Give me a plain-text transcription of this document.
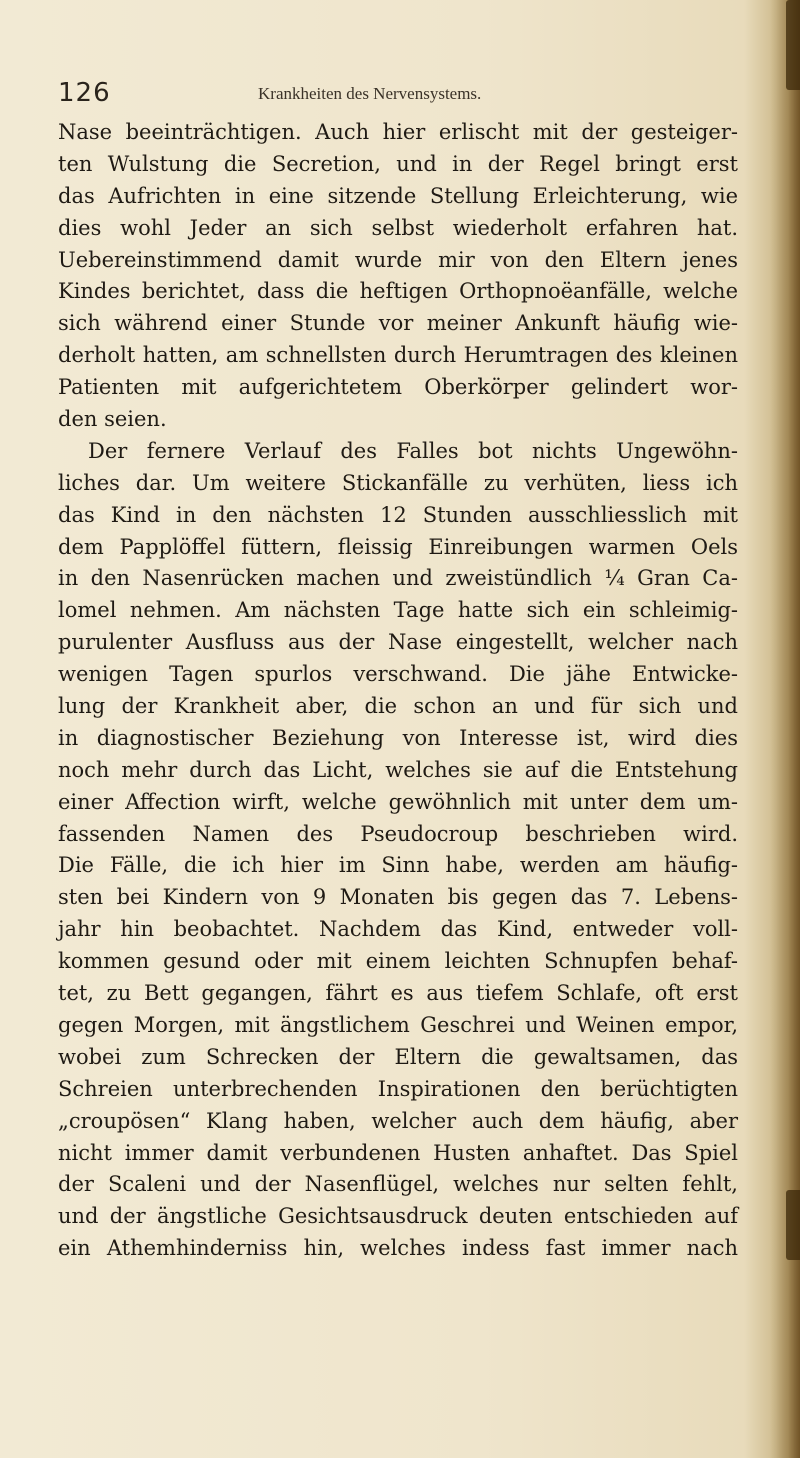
126	Krankheiten des Nervensystems.
Nase beeinträchtigen. Auch hier erlischt mit der gesteiger-
ten Wulstung die Secretion, und in der Regel bringt erst
das Aufrichten in eine sitzende Stellung Erleichterung, wie
dies wohl Jeder an sich selbst wiederholt erfahren hat.
Uebereinstimmend damit wurde mir von den Eltern jenes
Kindes berichtet, dass die heftigen Orthopnoëanfälle, welche
sich während einer Stunde vor meiner Ankunft häufig wie-
derholt hatten, am schnellsten durch Herumtragen des kleinen
Patienten mit aufgerichtetem Oberkörper gelindert wor-
den seien.
Der fernere Verlauf des Falles bot nichts Ungewöhn-
liches dar. Um weitere Stickanfälle zu verhüten, liess ich
das Kind in den nächsten 12 Stunden ausschliesslich mit
dem Papplöffel füttern, fleissig Einreibungen warmen Oels
in den Nasenrücken machen und zweistündlich ¼ Gran Ca-
lomel nehmen. Am nächsten Tage hatte sich ein schleimig-
purulenter Ausfluss aus der Nase eingestellt, welcher nach
wenigen Tagen spurlos verschwand. Die jähe Entwicke-
lung der Krankheit aber, die schon an und für sich und
in diagnostischer Beziehung von Interesse ist, wird dies
noch mehr durch das Licht, welches sie auf die Entstehung
einer Affection wirft, welche gewöhnlich mit unter dem um-
fassenden Namen des Pseudocroup beschrieben wird.
Die Fälle, die ich hier im Sinn habe, werden am häufig-
sten bei Kindern von 9 Monaten bis gegen das 7. Lebens-
jahr hin beobachtet. Nachdem das Kind, entweder voll-
kommen gesund oder mit einem leichten Schnupfen behaf-
tet, zu Bett gegangen, fährt es aus tiefem Schlafe, oft erst
gegen Morgen, mit ängstlichem Geschrei und Weinen empor,
wobei zum Schrecken der Eltern die gewaltsamen, das
Schreien unterbrechenden Inspirationen den berüchtigten
„croupösen“ Klang haben, welcher auch dem häufig, aber
nicht immer damit verbundenen Husten anhaftet. Das Spiel
der Scaleni und der Nasenflügel, welches nur selten fehlt,
und der ängstliche Gesichtsausdruck deuten entschieden auf
ein Athemhinderniss hin, welches indess fast immer nach
